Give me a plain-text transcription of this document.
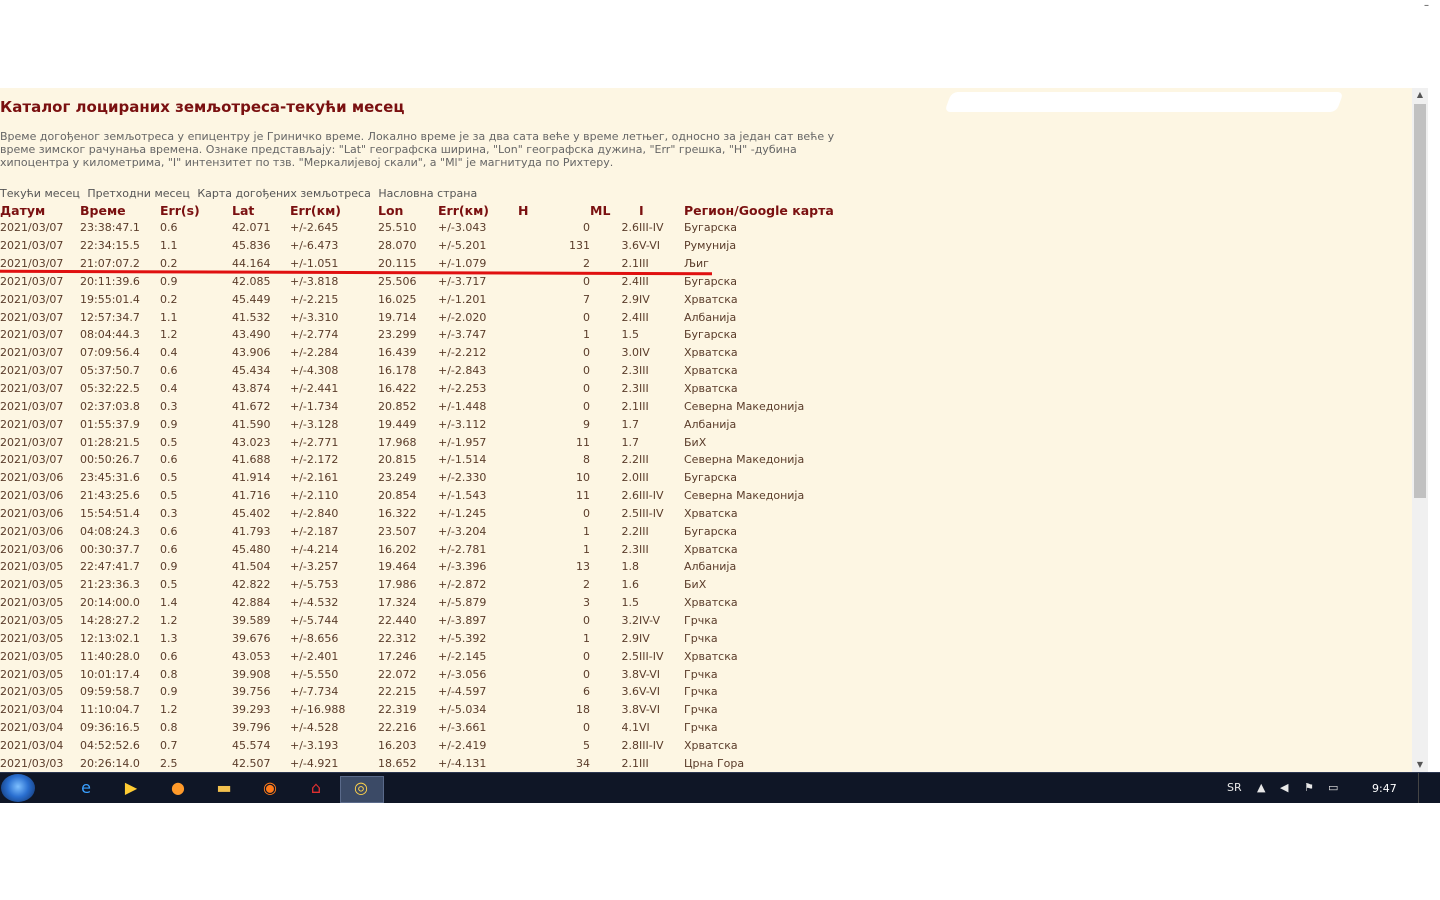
–
Каталог лоцираних земљотреса-текући месец

Време догођеног земљотреса у епицентру је Гриничко време. Локално време је за два сата веће у време летњег, односно за један сат веће у време зимског рачунања времена. Ознаке представљају: "Lat" географска ширина, "Lon" географска дужина, "Err" грешка, "H" -дубина хипоцентра у километрима, "I" интензитет по тзв. "Меркалијевој скали", а "Ml" је магнитуда по Рихтеру.

Текући месец Претходни месец Карта догођених земљотреса Насловна страна
Датум	Време	Err(s)	Lat	Err(км)	Lon	Err(км)	H	ML	I	Регион/Google карта
2021/03/07	23:38:47.1	0.6	42.071	+/-2.645	25.510	+/-3.043	0	2.6	III-IV	Бугарска
2021/03/07	22:34:15.5	1.1	45.836	+/-6.473	28.070	+/-5.201	131	3.6	V-VI	Румунија
2021/03/07	21:07:07.2	0.2	44.164	+/-1.051	20.115	+/-1.079	2	2.1	III	Љиг
2021/03/07	20:11:39.6	0.9	42.085	+/-3.818	25.506	+/-3.717	0	2.4	III	Бугарска
2021/03/07	19:55:01.4	0.2	45.449	+/-2.215	16.025	+/-1.201	7	2.9	IV	Хрватска
2021/03/07	12:57:34.7	1.1	41.532	+/-3.310	19.714	+/-2.020	0	2.4	III	Албанија
2021/03/07	08:04:44.3	1.2	43.490	+/-2.774	23.299	+/-3.747	1	1.5		Бугарска
2021/03/07	07:09:56.4	0.4	43.906	+/-2.284	16.439	+/-2.212	0	3.0	IV	Хрватска
2021/03/07	05:37:50.7	0.6	45.434	+/-4.308	16.178	+/-2.843	0	2.3	III	Хрватска
2021/03/07	05:32:22.5	0.4	43.874	+/-2.441	16.422	+/-2.253	0	2.3	III	Хрватска
2021/03/07	02:37:03.8	0.3	41.672	+/-1.734	20.852	+/-1.448	0	2.1	III	Северна Македонија
2021/03/07	01:55:37.9	0.9	41.590	+/-3.128	19.449	+/-3.112	9	1.7		Албанија
2021/03/07	01:28:21.5	0.5	43.023	+/-2.771	17.968	+/-1.957	11	1.7		БиХ
2021/03/07	00:50:26.7	0.6	41.688	+/-2.172	20.815	+/-1.514	8	2.2	III	Северна Македонија
2021/03/06	23:45:31.6	0.5	41.914	+/-2.161	23.249	+/-2.330	10	2.0	III	Бугарска
2021/03/06	21:43:25.6	0.5	41.716	+/-2.110	20.854	+/-1.543	11	2.6	III-IV	Северна Македонија
2021/03/06	15:54:51.4	0.3	45.402	+/-2.840	16.322	+/-1.245	0	2.5	III-IV	Хрватска
2021/03/06	04:08:24.3	0.6	41.793	+/-2.187	23.507	+/-3.204	1	2.2	III	Бугарска
2021/03/06	00:30:37.7	0.6	45.480	+/-4.214	16.202	+/-2.781	1	2.3	III	Хрватска
2021/03/05	22:47:41.7	0.9	41.504	+/-3.257	19.464	+/-3.396	13	1.8		Албанија
2021/03/05	21:23:36.3	0.5	42.822	+/-5.753	17.986	+/-2.872	2	1.6		БиХ
2021/03/05	20:14:00.0	1.4	42.884	+/-4.532	17.324	+/-5.879	3	1.5		Хрватска
2021/03/05	14:28:27.2	1.2	39.589	+/-5.744	22.440	+/-3.897	0	3.2	IV-V	Грчка
2021/03/05	12:13:02.1	1.3	39.676	+/-8.656	22.312	+/-5.392	1	2.9	IV	Грчка
2021/03/05	11:40:28.0	0.6	43.053	+/-2.401	17.246	+/-2.145	0	2.5	III-IV	Хрватска
2021/03/05	10:01:17.4	0.8	39.908	+/-5.550	22.072	+/-3.056	0	3.8	V-VI	Грчка
2021/03/05	09:59:58.7	0.9	39.756	+/-7.734	22.215	+/-4.597	6	3.6	V-VI	Грчка
2021/03/04	11:10:04.7	1.2	39.293	+/-16.988	22.319	+/-5.034	18	3.8	V-VI	Грчка
2021/03/04	09:36:16.5	0.8	39.796	+/-4.528	22.216	+/-3.661	0	4.1	VI	Грчка
2021/03/04	04:52:52.6	0.7	45.574	+/-3.193	16.203	+/-2.419	5	2.8	III-IV	Хрватска
2021/03/03	20:26:14.0	2.5	42.507	+/-4.921	18.652	+/-4.131	34	2.1	III	Црна Гора
▲
▼
e	▶ ● ▬ ◉	⌂	◎	SR ▲ ◀ ⚑ ▭	9:47
